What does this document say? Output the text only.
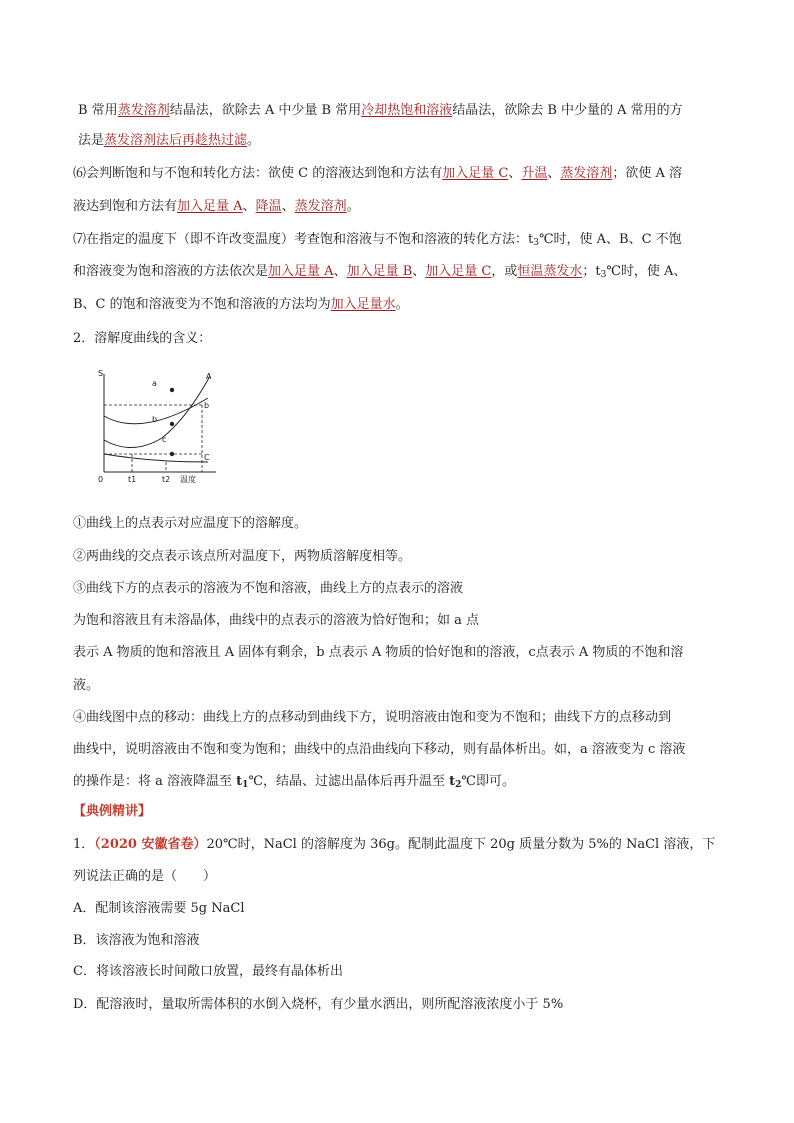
B 常用蒸发溶剂结晶法，欲除去 A 中少量 B 常用冷却热饱和溶液结晶法，欲除去 B 中少量的 A 常用的方
法是蒸发溶剂法后再趁热过滤。
⑹会判断饱和与不饱和转化方法：欲使 C 的溶液达到饱和方法有加入足量 C、升温、蒸发溶剂；欲使 A 溶
液达到饱和方法有加入足量 A、降温、蒸发溶剂。
⑺在指定的温度下（即不许改变温度）考查饱和溶液与不饱和溶液的转化方法：$t_3℃$时，使 A、B、C 不饱
和溶液变为饱和溶液的方法依次是加入足量 A、加入足量 B、加入足量 C，或恒温蒸发水；$t_3℃$时，使 A、
B、C 的饱和溶液变为不饱和溶液的方法均为加入足量水。
2．溶解度曲线的含义：
S
a
b
c
A
b
C
0	t1	t2 温度
①曲线上的点表示对应温度下的溶解度。
②两曲线的交点表示该点所对温度下，两物质溶解度相等。
③曲线下方的点表示的溶液为不饱和溶液，曲线上方的点表示的溶液
为饱和溶液且有未溶晶体，曲线中的点表示的溶液为恰好饱和；如 a 点
表示 A 物质的饱和溶液且 A 固体有剩余，b 点表示 A 物质的恰好饱和的溶液，c点表示 A 物质的不饱和溶
液。
④曲线图中点的移动：曲线上方的点移动到曲线下方，说明溶液由饱和变为不饱和；曲线下方的点移动到
曲线中，说明溶液由不饱和变为饱和；曲线中的点沿曲线向下移动，则有晶体析出。如，a 溶液变为 c 溶液
的操作是：将 a 溶液降温至 $t_1℃$，结晶、过滤出晶体后再升温至 $t_2℃$即可。
【典例精讲】
1．（2020 安徽省卷）20℃时，NaCl 的溶解度为 36g。配制此温度下 20g 质量分数为 5%的 NaCl 溶液，下
列说法正确的是（　　）
A．配制该溶液需要 5g NaCl
B．该溶液为饱和溶液
C．将该溶液长时间敞口放置，最终有晶体析出
D．配溶液时，量取所需体积的水倒入烧杯，有少量水洒出，则所配溶液浓度小于 5%
